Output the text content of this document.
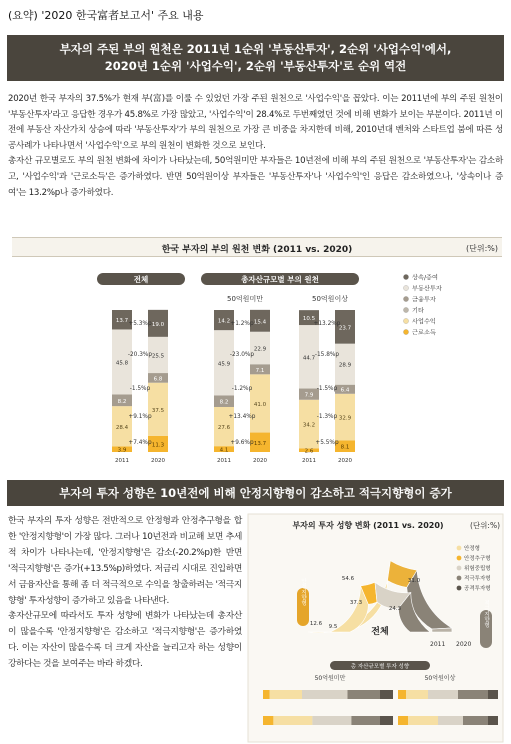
(요약) '2020 한국富者보고서' 주요 내용
부자의 주된 부의 원천은 2011년 1순위 '부동산투자', 2순위 '사업수익'에서,
2020년 1순위 '사업수익', 2순위 '부동산투자'로 순위 역전

2020년 한국 부자의 37.5%가 현재 부(富)를 이룰 수 있었던 가장 주된 원천으로 '사업수익'을 꼽았다. 이는 2011년에 부의 주된 원천이 '부동산투자'라고 응답한 경우가 45.8%로 가장 많았고, '사업수익'이 28.4%로 두번째였던 것에 비해 변화가 보이는 부분이다. 2011년 이전에 부동산 자산가치 상승에 따라 '부동산투자'가 부의 원천으로 가장 큰 비중을 차지한데 비해, 2010년대 벤처와 스타트업 붐에 따른 성공사례가 나타나면서 '사업수익'으로 부의 원천이 변화한 것으로 보인다.

총자산 규모별로도 부의 원천 변화에 차이가 나타났는데, 50억원미만 부자들은 10년전에 비해 부의 주된 원천으로 '부동산투자'는 감소하고, '사업수익'과 '근로소득'은 증가하였다. 반면 50억원이상 부자들은 '부동산투자'나 '사업수익'인 응답은 감소하였으나, '상속이나 증여'는 13.2%p나 증가하였다.

한국 부자의 부의 원천 변화 (2011 vs. 2020)	(단위:%)
전체	총자산규모별 부의 원천
50억원미만	50억원이상
3.9
28.4
8.2
45.8
13.7
11.3
37.5
6.8
25.5
19.0
+5.3%p
-20.3%p
-1.5%p
+9.1%p
+7.4%p
2011	2020
4.1
27.6
8.2
45.9
14.2
13.7
41.0
7.1
22.9
15.4
+1.2%p
-23.0%p
-1.2%p
+13.4%p
+9.6%p
2011	2020
2.6
34.2
7.9
44.7
10.5
8.1
32.9
6.4
28.9
23.7
+13.2%p
-15.8%p
-1.5%p
-1.3%p
+5.5%p
2011	2020
상속/증여
부동산투자
금융투자
기타
사업수익
근로소득
부자의 투자 성향 변화 (2011 vs. 2020)	(단위:%)
54.6	31.0
37.3
24.3
12.6 9.5
안정형
안정추구형
위험중립형
적극투자형
공격투자형
전체
안정지향형
적극지향형
2011 2020
총 자산규모별 투자 성향
50억원미만	50억원이상
부자의 투자 성향은 10년전에 비해 안정지향형이 감소하고 적극지향형이 증가

한국 부자의 투자 성향은 전반적으로 안정형과 안정추구형을 합한 '안정지향형'이 가장 많다. 그러나 10년전과 비교해 보면 추세적 차이가 나타나는데, '안정지향형'은 감소(-20.2%p)한 반면 '적극지향형'은 증가(+13.5%p)하였다. 저금리 시대로 진입하면서 금융자산을 통해 좀 더 적극적으로 수익을 창출하려는 '적극지향형' 투자성향이 증가하고 있음을 나타낸다.

총자산규모에 따라서도 투자 성향에 변화가 나타났는데 총자산이 많을수록 '안정지향형'은 감소하고 '적극지향형'은 증가하였다. 이는 자산이 많을수록 더 크게 자산을 늘리고자 하는 성향이 강하다는 것을 보여주는 바라 하겠다.
